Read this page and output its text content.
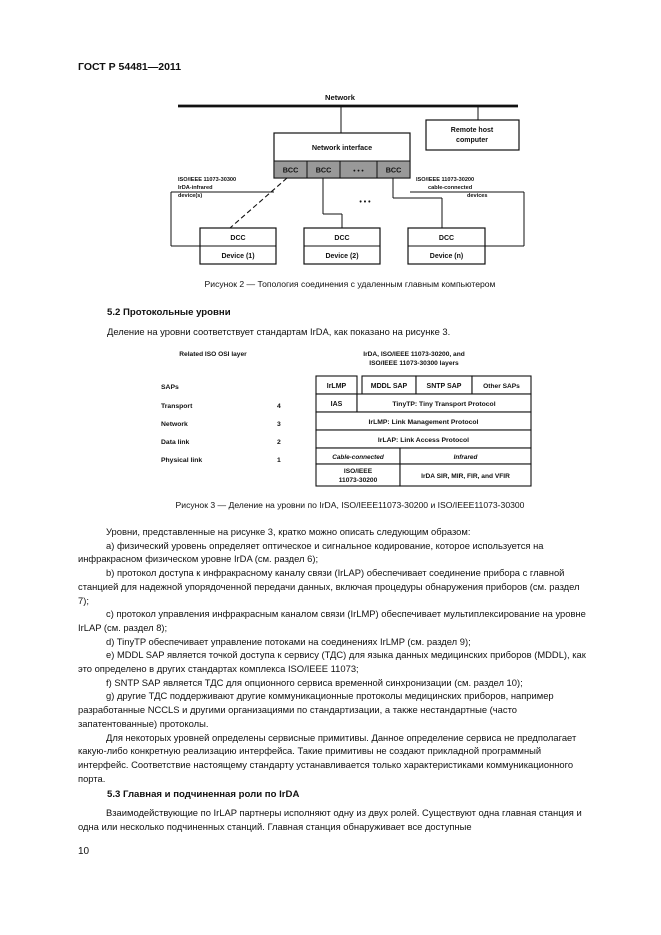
ГОСТ Р 54481—2011
Network
Remote host
computer
Network interface
BCC BCC	• • •	BCC
ISO/IEEE 11073-30300
IrDA-infrared
device(s)
ISO/IEEE 11073-30200
cable-connected
devices
• • •
DCC
Device (1)
DCC
Device (2)
DCC
Device (n)
Рисунок 2 — Топология соединения с удаленным главным компьютером
5.2 Протокольные уровни
Деление на уровни соответствует стандартам IrDA, как показано на рисунке 3.
Related ISO OSI layer	IrDA, ISO/IEEE 11073-30200, and
ISO/IEEE 11073-30300 layers
SAPs
Transport	4
Network	3
Data link	2
Physical link	1
IrLMP	MDDL SAP	SNTP SAP	Other SAPs
IAS	TinyTP: Tiny Transport Protocol
IrLMP: Link Management Protocol
IrLAP: Link Access Protocol
Cable-connected	Infrared
ISO/IEEE
11073-30200
IrDA SIR, MIR, FIR, and VFIR
Рисунок 3 — Деление на уровни по IrDA, ISO/IEEE11073-30200 и ISO/IEEE11073-30300
Уровни, представленные на рисунке 3, кратко можно описать следующим образом:
а) физический уровень определяет оптическое и сигнальное кодирование, которое используется на инфракрасном физическом уровне IrDA (см. раздел 6);
b) протокол доступа к инфракрасному каналу связи (IrLAP) обеспечивает соединение прибора с главной станцией для надежной упорядоченной передачи данных, включая процедуры обнаружения приборов (см. раздел 7);
с) протокол управления инфракрасным каналом связи (IrLMP) обеспечивает мультиплексирование на уровне IrLAP (см. раздел 8);
d) TinyTP обеспечивает управление потоками на соединениях IrLMP (см. раздел 9);
е) MDDL SAP является точкой доступа к сервису (ТДС) для языка данных медицинских приборов (MDDL), как это определено в других стандартах комплекса ISO/IEEE 11073;
f) SNTP SAP является ТДС для опционного сервиса временной синхронизации (см. раздел 10);
g) другие ТДС поддерживают другие коммуникационные протоколы медицинских приборов, например разработанные NCCLS и другими организациями по стандартизации, а также нестандартные (часто запатентованные) протоколы.
Для некоторых уровней определены сервисные примитивы. Данное определение сервиса не предполагает какую-либо конкретную реализацию интерфейса. Такие примитивы не создают прикладной программный интерфейс. Соответствие настоящему стандарту устанавливается только характеристиками коммуникационного порта.
5.3 Главная и подчиненная роли по IrDA
Взаимодействующие по IrLAP партнеры исполняют одну из двух ролей. Существуют одна главная станция и одна или несколько подчиненных станций. Главная станция обнаруживает все доступные
10
